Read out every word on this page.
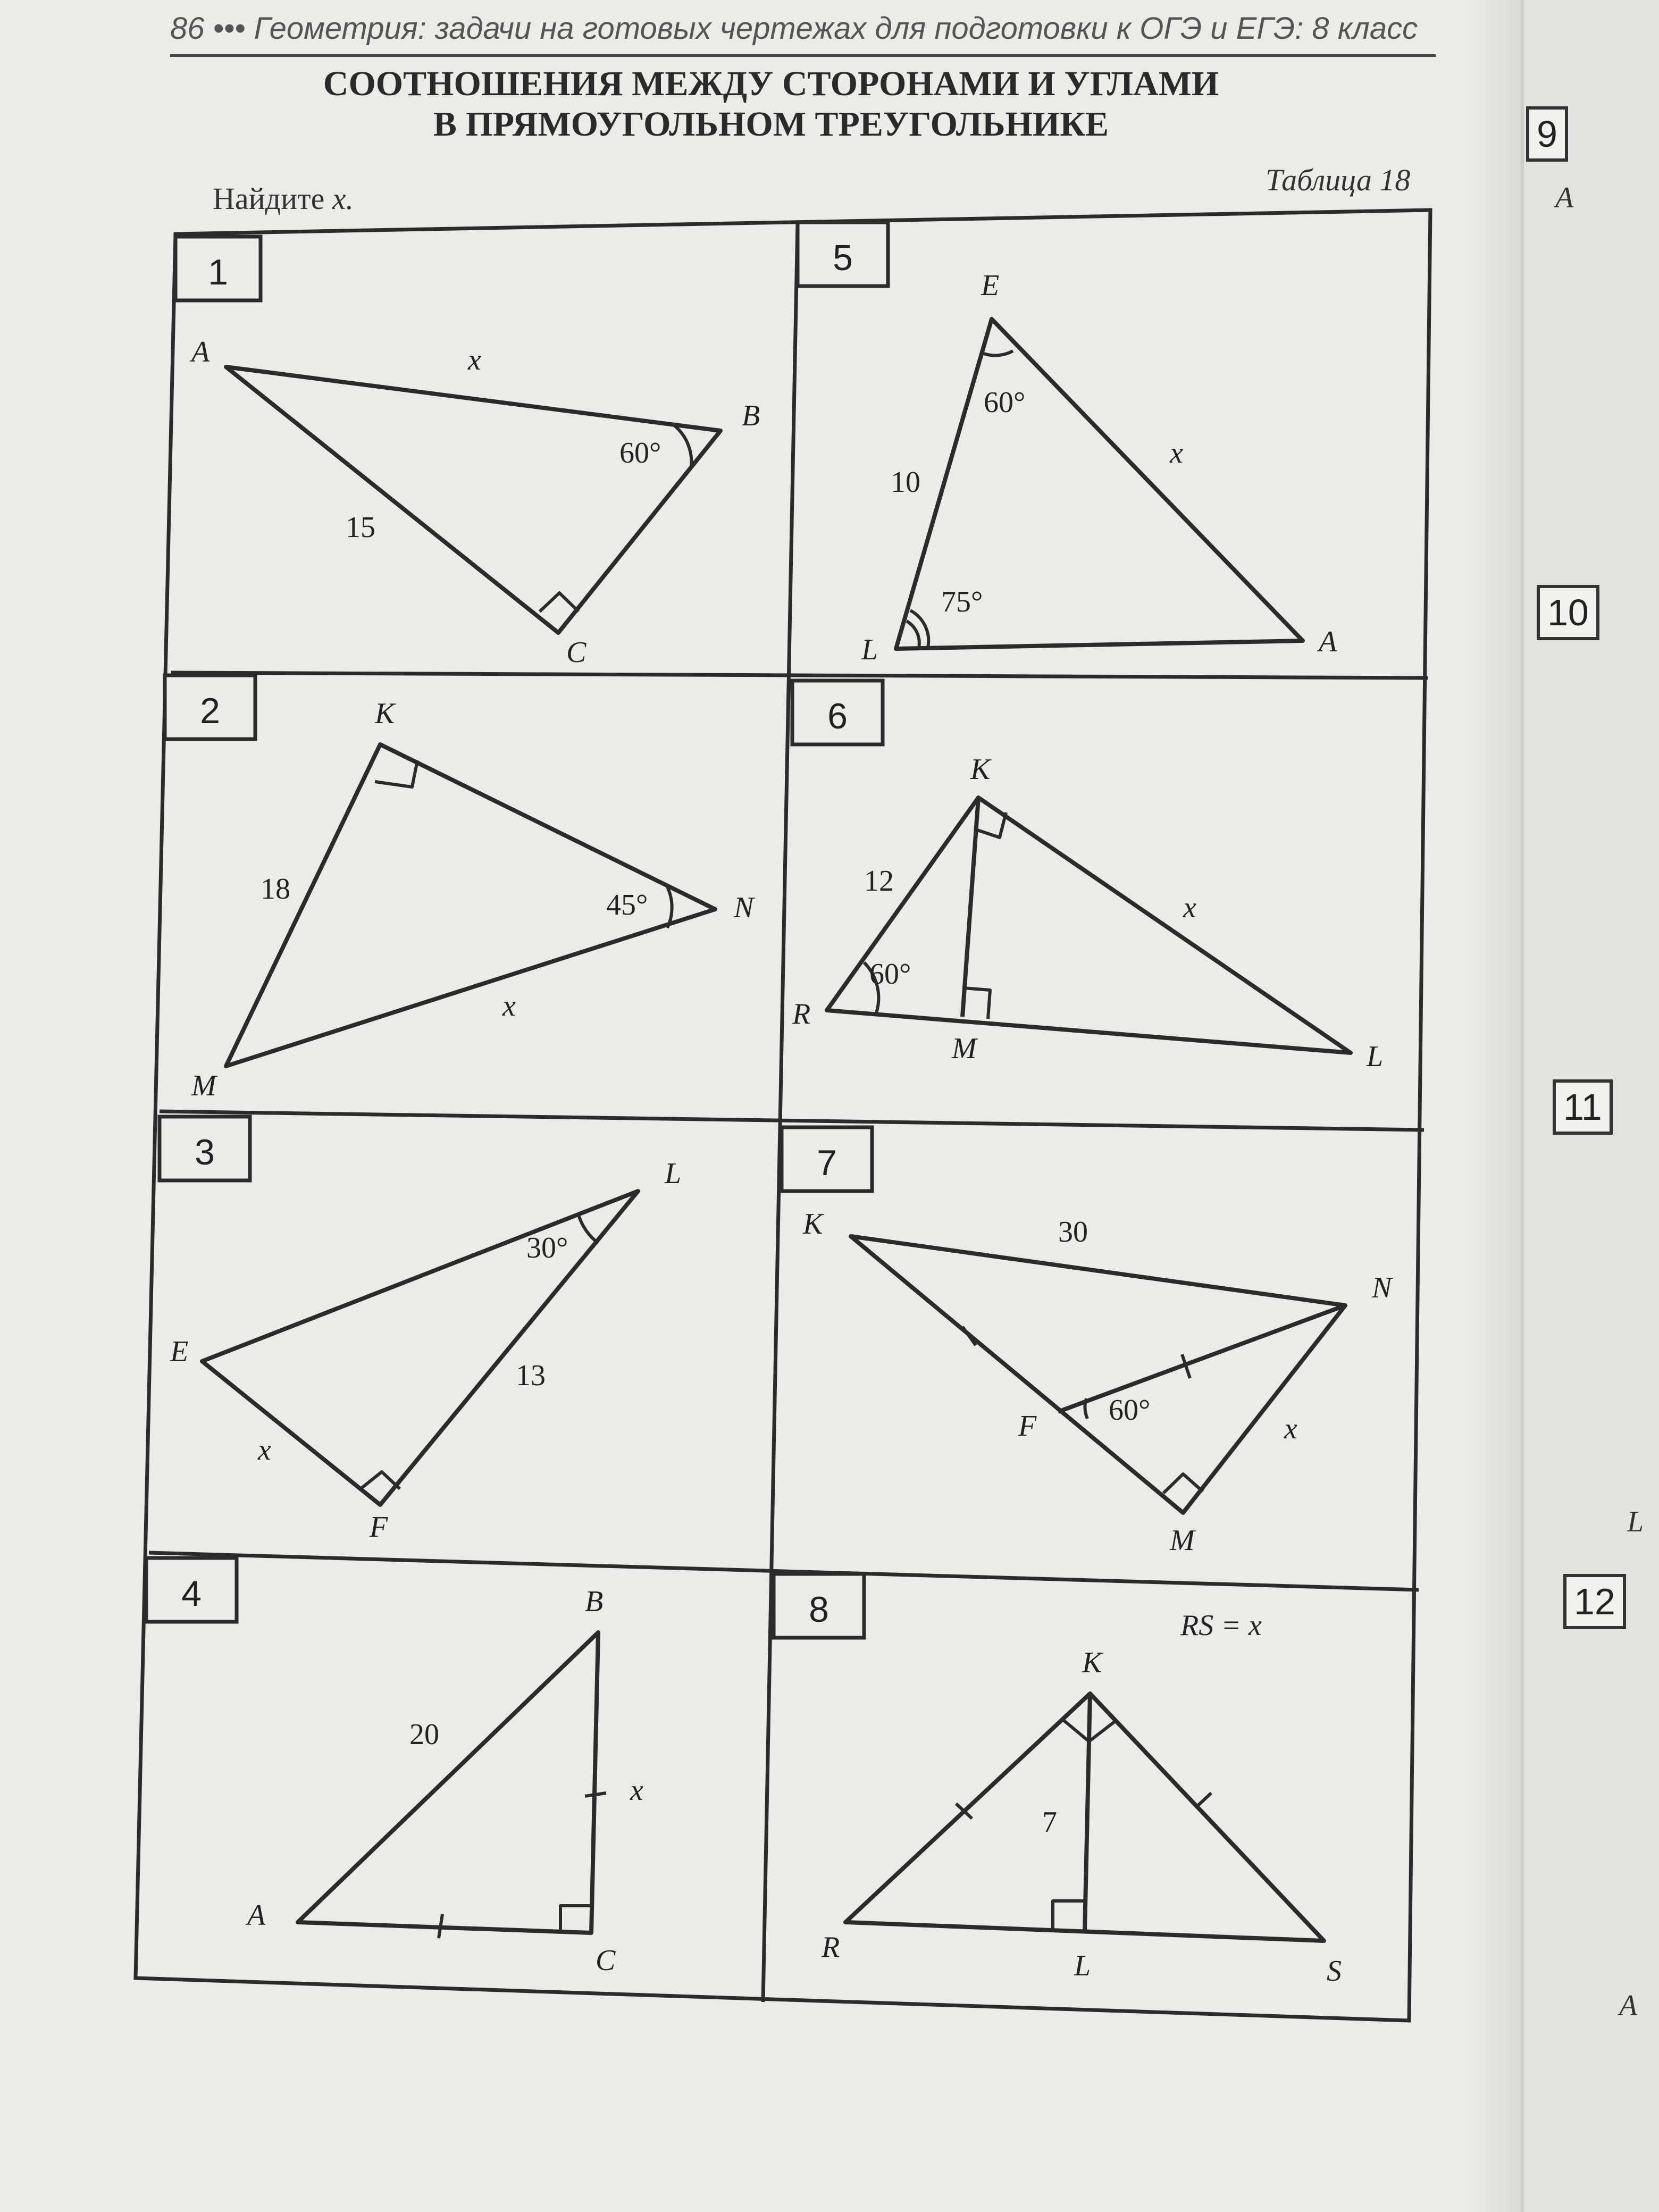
86 ••• Геометрия: задачи на готовых чертежах для подготовки к ОГЭ и ЕГЭ: 8 класс
СООТНОШЕНИЯ МЕЖДУ СТОРОНАМИ И УГЛАМИ
В ПРЯМОУГОЛЬНОМ ТРЕУГОЛЬНИКЕ
Найдите x.
Таблица 18
1	5
2	6
3	7
4	8
A
B
C
x
60°
15
E
L	A
60°
75°
10
x
K
N
M
18	45°
x
K
R
L
M
12
60°
x
L
E
F
30°
13
x
K
N
F
M
30
60°
x
B
A
C
20
x
K
R
L	S
7
RS = x
9
10
11
12
A
L
A
